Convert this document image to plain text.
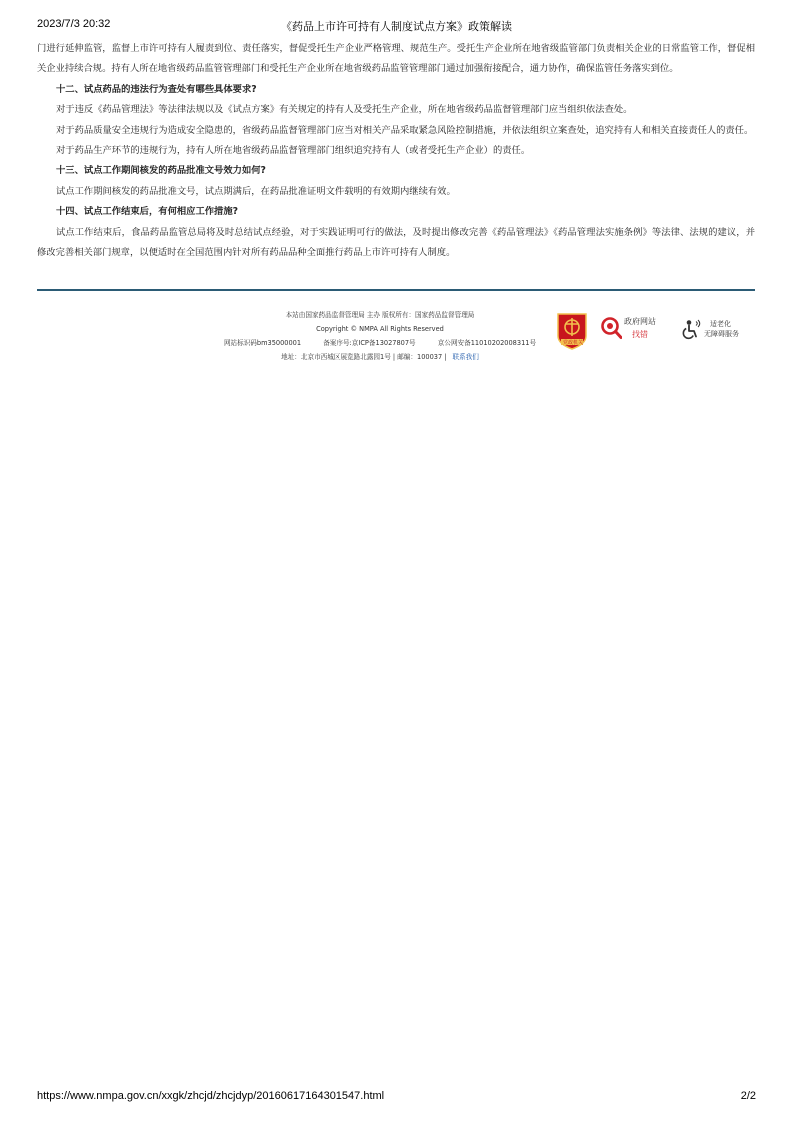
2023/7/3 20:32	《药品上市许可持有人制度试点方案》政策解读

门进行延伸监管，监督上市许可持有人履责到位、责任落实，督促受托生产企业严格管理、规范生产。受托生产企业所在地省级监管部门负责相关企业的日常监管工作，督促相关企业持续合规。持有人所在地省级药品监管管理部门和受托生产企业所在地省级药品监管管理部门通过加强衔接配合，通力协作，确保监管任务落实到位。

十二、试点药品的违法行为查处有哪些具体要求?

对于违反《药品管理法》等法律法规以及《试点方案》有关规定的持有人及受托生产企业，所在地省级药品监督管理部门应当组织依法查处。

对于药品质量安全违规行为造成安全隐患的，省级药品监督管理部门应当对相关产品采取紧急风险控制措施，并依法组织立案查处，追究持有人和相关直接责任人的责任。

对于药品生产环节的违规行为，持有人所在地省级药品监督管理部门组织追究持有人（或者受托生产企业）的责任。

十三、试点工作期间核发的药品批准文号效力如何?

试点工作期间核发的药品批准文号，试点期满后，在药品批准证明文件载明的有效期内继续有效。

十四、试点工作结束后，有何相应工作措施?

试点工作结束后，食品药品监管总局将及时总结试点经验，对于实践证明可行的做法，及时提出修改完善《药品管理法》《药品管理法实施条例》等法律、法规的建议，并修改完善相关部门规章，以便适时在全国范围内针对所有药品品种全面推行药品上市许可持有人制度。

本站由国家药品监督管理局 主办 版权所有：国家药品监督管理局
Copyright © NMPA All Rights Reserved
网站标识码bm35000001	备案序号:京ICP备13027807号	京公网安备11010202008311号
地址：北京市西城区展览路北露园1号 | 邮编：100037 | 联系我们
党政机关
政府网站
找错
适老化
无障碍服务
https://www.nmpa.gov.cn/xxgk/zhcjd/zhcjdyp/20160617164301547.html	2/2
